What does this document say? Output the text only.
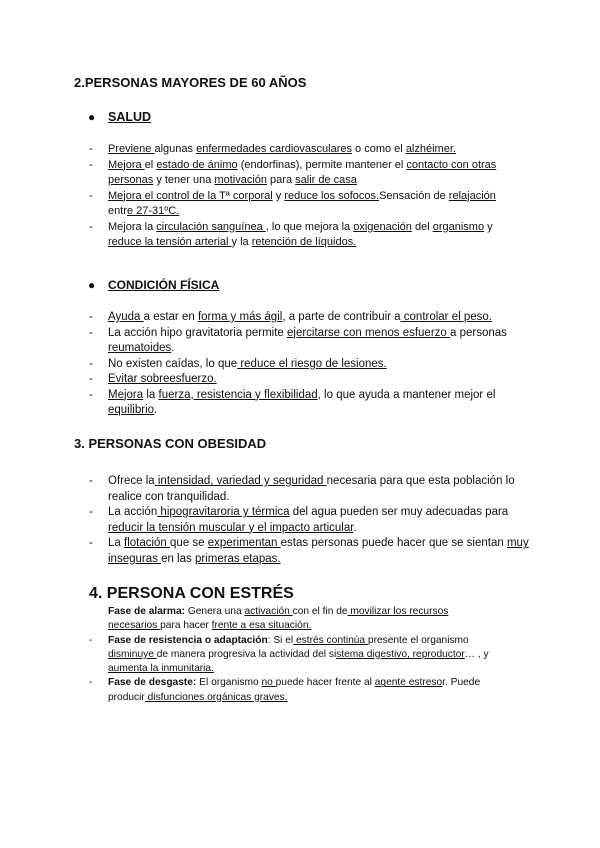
2.PERSONAS MAYORES DE 60 AÑOS
● SALUD
- Previene algunas enfermedades cardiovasculares o como el alzhéimer.
- Mejora el estado de ánimo (endorfinas), permite mantener el contacto con otras personas y tener una motivación para salir de casa
- Mejora el control de la Tª corporal y reduce los sofocos.Sensación de relajación entre 27-31ºC.
- Mejora la circulación sanguínea , lo que mejora la oxigenación del organismo y reduce la tensión arterial y la retención de líquidos.
● CONDICIÓN FÍSICA
- Ayuda a estar en forma y más ágil, a parte de contribuir a controlar el peso.
- La acción hipo gravitatoria permite ejercitarse con menos esfuerzo a personas reumatoides.
- No existen caídas, lo que reduce el riesgo de lesiones.
- Evitar sobreesfuerzo.
- Mejora la fuerza, resistencia y flexibilidad, lo que ayuda a mantener mejor el equilibrio.
3. PERSONAS CON OBESIDAD
- Ofrece la intensidad, variedad y seguridad necesaria para que esta población lo realice con tranquilidad.
- La acción hipogravitaroria y térmica del agua pueden ser muy adecuadas para reducir la tensión muscular y el impacto articular.
- La flotación que se experimentan estas personas puede hacer que se sientan muy inseguras en las primeras etapas.
4. PERSONA CON ESTRÉS
Fase de alarma: Genera una activación con el fin de movilizar los recursos necesarios para hacer frente a esa situación.
- Fase de resistencia o adaptación: Si el estrés continúa presente el organismo disminuye de manera progresiva la actividad del sistema digestivo, reproductor… , y aumenta la inmunitaria.
- Fase de desgaste: El organismo no puede hacer frente al agente estresor. Puede producir disfunciones orgánicas graves.
